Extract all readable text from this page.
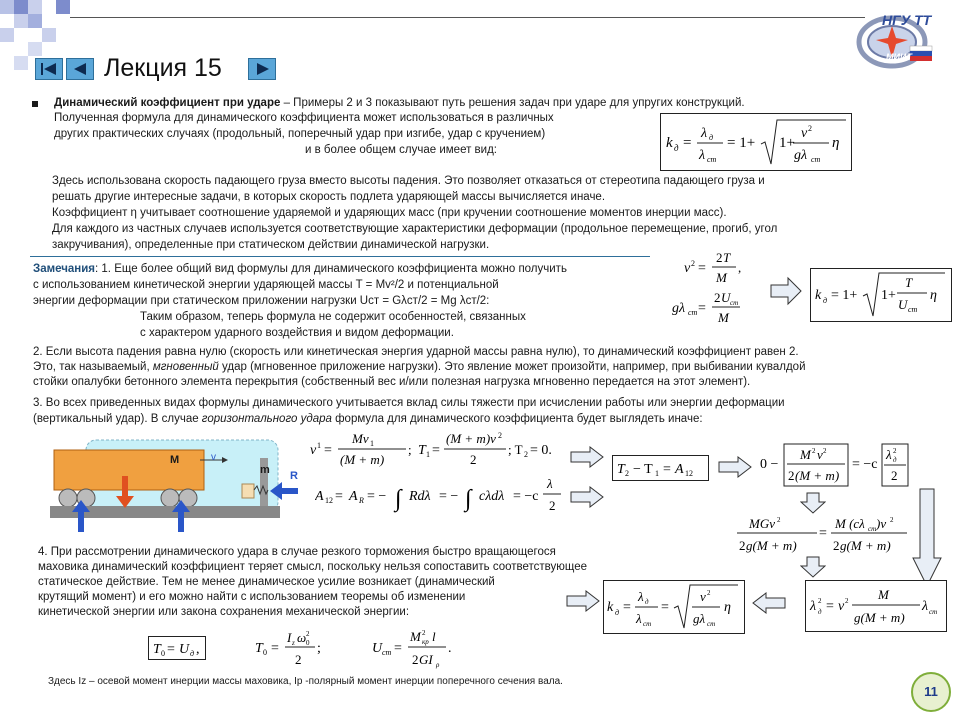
Лекция 15
НГУ ТТ
МИИТ
Динамический коэффициент при ударе – Примеры 2 и 3 показывают путь решения задач при ударе для упругих конструкций.
Полученная формула для динамического коэффициента может использоваться в различных
других практических случаях (продольный, поперечный удар при изгибе, удар с кручением)
и в более общем случае имеет вид:	k д =
λ д
λ ст
= 1+ 1+
v 2
gλ ст
η
Здесь использована скорость падающего груза вместо высоты падения. Это позволяет отказаться от стереотипа падающего груза и
решать другие интересные задачи, в которых скорость подлета ударяющей массы вычисляется иначе.
Коэффициент η учитывает соотношение ударяемой и ударяющих масс (при кручении соотношение моментов инерции масс).
Для каждого из частных случаев используется соответствующие характеристики деформации (продольное перемещение, прогиб, угол
закручивания), определенные при статическом действии динамической нагрузки.
Замечания: 1. Еще более общий вид формулы для динамического коэффициента можно получить
с использованием кинетической энергии ударяющей массы T = Mv²/2 и потенциальной
энергии деформации при статическом приложении нагрузки Uст = Gλст/2 = Mg λст/2:
Таким образом, теперь формула не содержит особенностей, связанных
с характером ударного воздействия и видом деформации.
v 2 =
2 T
M
,
gλ ст =
2 U ст
M
k д = 1+ 1+
T
U ст
η
2. Если высота падения равна нулю (скорость или кинетическая энергия ударной массы равна нулю), то динамический коэффициент равен 2.
Это, так называемый, мгновенный удар (мгновенное приложение нагрузки). Это явление может произойти, например, при выбивании кувалдой
стойки опалубки бетонного элемента перекрытия (собственный вес и/или полезная нагрузка мгновенно передается на этот элемент).
3. Во всех приведенных видах формулы динамического учитывается вклад силы тяжести при исчислении работы или энергии деформации
(вертикальный удар). В случае горизонтального удара формула для динамического коэффициента будет выглядеть иначе:
M	v
m R
v 1 =
Mv 1
(M + m)
; T 1 =
(M + m)v 2
2
; T 2 = 0.
A 12 = A R = − ∫ Rdλ = − ∫ cλdλ = −c
λ
2
T 2 − T 1 = A 12
0 −
M 2 v 2
2 (M + m)
= −c
λ 2
д
2
MGv 2
2 g(M + m)
=
M (cλ ст )v 2
2 g(M + m)
4. При рассмотрении динамического удара в случае резкого торможения быстро вращающегося
маховика динамический коэффициент теряет смысл, поскольку нельзя сопоставить соответствующее
статическое действие. Тем не менее динамическое усилие возникает (динамический
крутящий момент) и его можно найти с использованием теоремы об изменении
кинетической энергии или закона сохранения механической энергии:	k д =
λ д
λ ст
=
v 2
gλ ст
η	λ 2
д = v 2 M
g(M + m)
λ ст
T 0 = U д ,	T 0 =
I z ω 2
0
2
;	U ст =
M 2
кр l
2 GI ρ
.
Здесь Iz – осевой момент инерции массы маховика, Ip -полярный момент инерции поперечного сечения вала.
11
